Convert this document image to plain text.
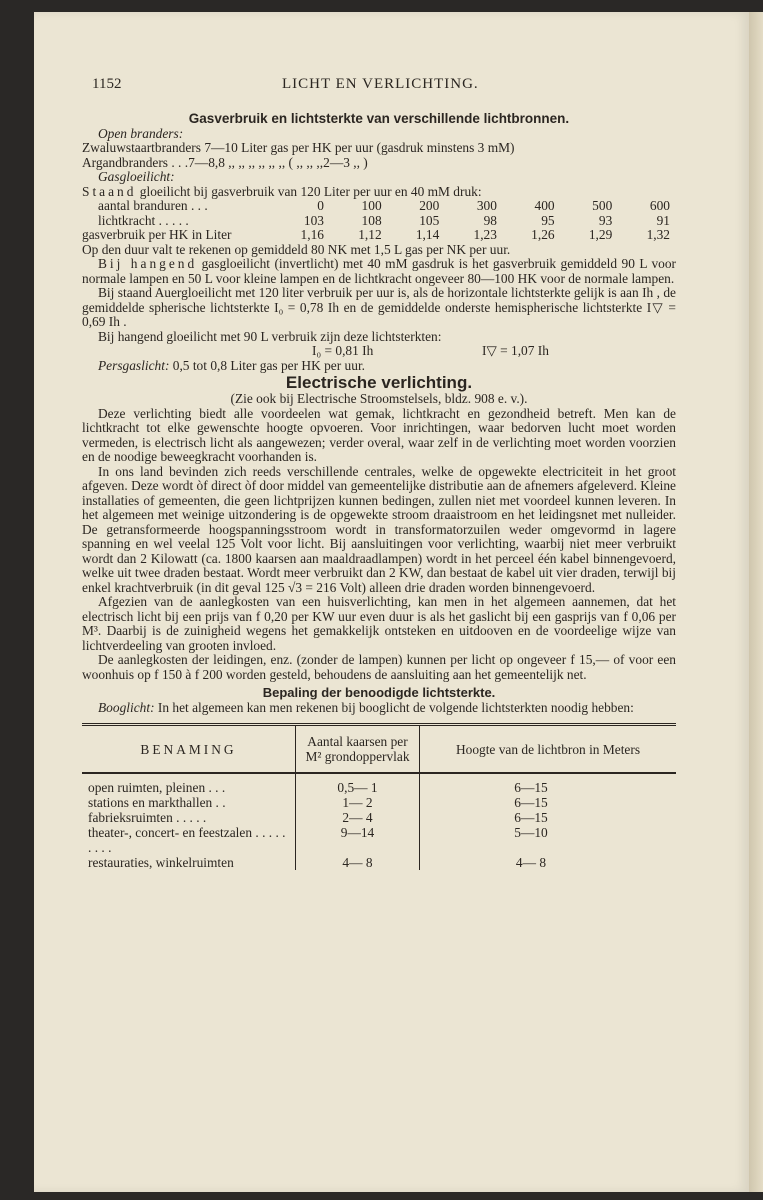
1152	LICHT EN VERLICHTING.

Gasverbruik en lichtsterkte van verschillende lichtbronnen.

Open branders:

Zwaluwstaartbranders 7—10 Liter gas per HK per uur (gasdruk minstens 3 mM)

Argandbranders . . .7—8,8 ,, ,, ,, ,, ,, ,, ( ,, ,, ,,2—3 ,, )

Gasgloeilicht:

Staand gloeilicht bij gasverbruik van 120 Liter per uur en 40 mM druk:

aantal branduren . . .	0	100	200	300	400	500	600
lichtkracht . . . . .	103	108	105	98	95	93	91
gasverbruik per HK in Liter	1,16	1,12	1,14	1,23	1,26	1,29	1,32

Op den duur valt te rekenen op gemiddeld 80 NK met 1,5 L gas per NK per uur.

Bij hangend gasgloeilicht (invertlicht) met 40 mM gasdruk is het gasverbruik gemiddeld 90 L voor normale lampen en 50 L voor kleine lampen en de lichtkracht ongeveer 80—100 HK voor de normale lampen.

Bij staand Auergloeilicht met 120 liter verbruik per uur is, als de horizontale lichtsterkte gelijk is aan Ih , de gemiddelde spherische lichtsterkte I₀ = 0,78 Ih en de gemiddelde onderste hemispherische lichtsterkte I▽ = 0,69 Ih .

Bij hangend gloeilicht met 90 L verbruik zijn deze lichtsterkten:

I₀ = 0,81 Ih	I▽ = 1,07 Ih

Persgaslicht: 0,5 tot 0,8 Liter gas per HK per uur.

Electrische verlichting.

(Zie ook bij Electrische Stroomstelsels, bldz. 908 e. v.).

Deze verlichting biedt alle voordeelen wat gemak, lichtkracht en gezondheid betreft. Men kan de lichtkracht tot elke gewenschte hoogte opvoeren. Voor inrichtingen, waar bedorven lucht moet worden vermeden, is electrisch licht als aangewezen; verder overal, waar zelf in de verlichting moet worden voorzien en de noodige beweegkracht voorhanden is.

In ons land bevinden zich reeds verschillende centrales, welke de opgewekte electriciteit in het groot afgeven. Deze wordt òf direct òf door middel van gemeentelijke distributie aan de afnemers afgeleverd. Kleine installaties of gemeenten, die geen lichtprijzen kunnen bedingen, zullen niet met voordeel kunnen leveren. In het algemeen met weinige uitzondering is de opgewekte stroom draaistroom en het leidingsnet met nulleider. De getransformeerde hoogspanningsstroom wordt in transformatorzuilen weder omgevormd in lagere spanning en wel veelal 125 Volt voor licht. Bij aansluitingen voor verlichting, waarbij niet meer verbruikt wordt dan 2 Kilowatt (ca. 1800 kaarsen aan maaldraadlampen) wordt in het perceel één kabel binnengevoerd, welke uit twee draden bestaat. Wordt meer verbruikt dan 2 KW, dan bestaat de kabel uit vier draden, terwijl bij enkel krachtverbruik (in dit geval 125 √3 = 216 Volt) alleen drie draden worden binnengevoerd.

Afgezien van de aanlegkosten van een huisverlichting, kan men in het algemeen aannemen, dat het electrisch licht bij een prijs van f 0,20 per KW uur even duur is als het gaslicht bij een gasprijs van f 0,06 per M³. Daarbij is de zuinigheid wegens het gemakkelijk ontsteken en uitdooven en de voordeelige wijze van lichtverdeeling van grooten invloed.

De aanlegkosten der leidingen, enz. (zonder de lampen) kunnen per licht op ongeveer f 15,— of voor een woonhuis op f 150 à f 200 worden gesteld, behoudens de aansluiting aan het gemeentelijk net.

Bepaling der benoodigde lichtsterkte.

Booglicht: In het algemeen kan men rekenen bij booglicht de volgende lichtsterkten noodig hebben:

BENAMING	Aantal kaarsen per M² grondoppervlak	Hoogte van de lichtbron in Meters
open ruimten, pleinen . . .	0,5— 1	6—15
stations en markthallen . .	1— 2	6—15
fabrieksruimten . . . . .	2— 4	6—15
theater-, concert- en feestzalen . . . . . . . . .	9—14	5—10
restauraties, winkelruimten	4— 8	4— 8
